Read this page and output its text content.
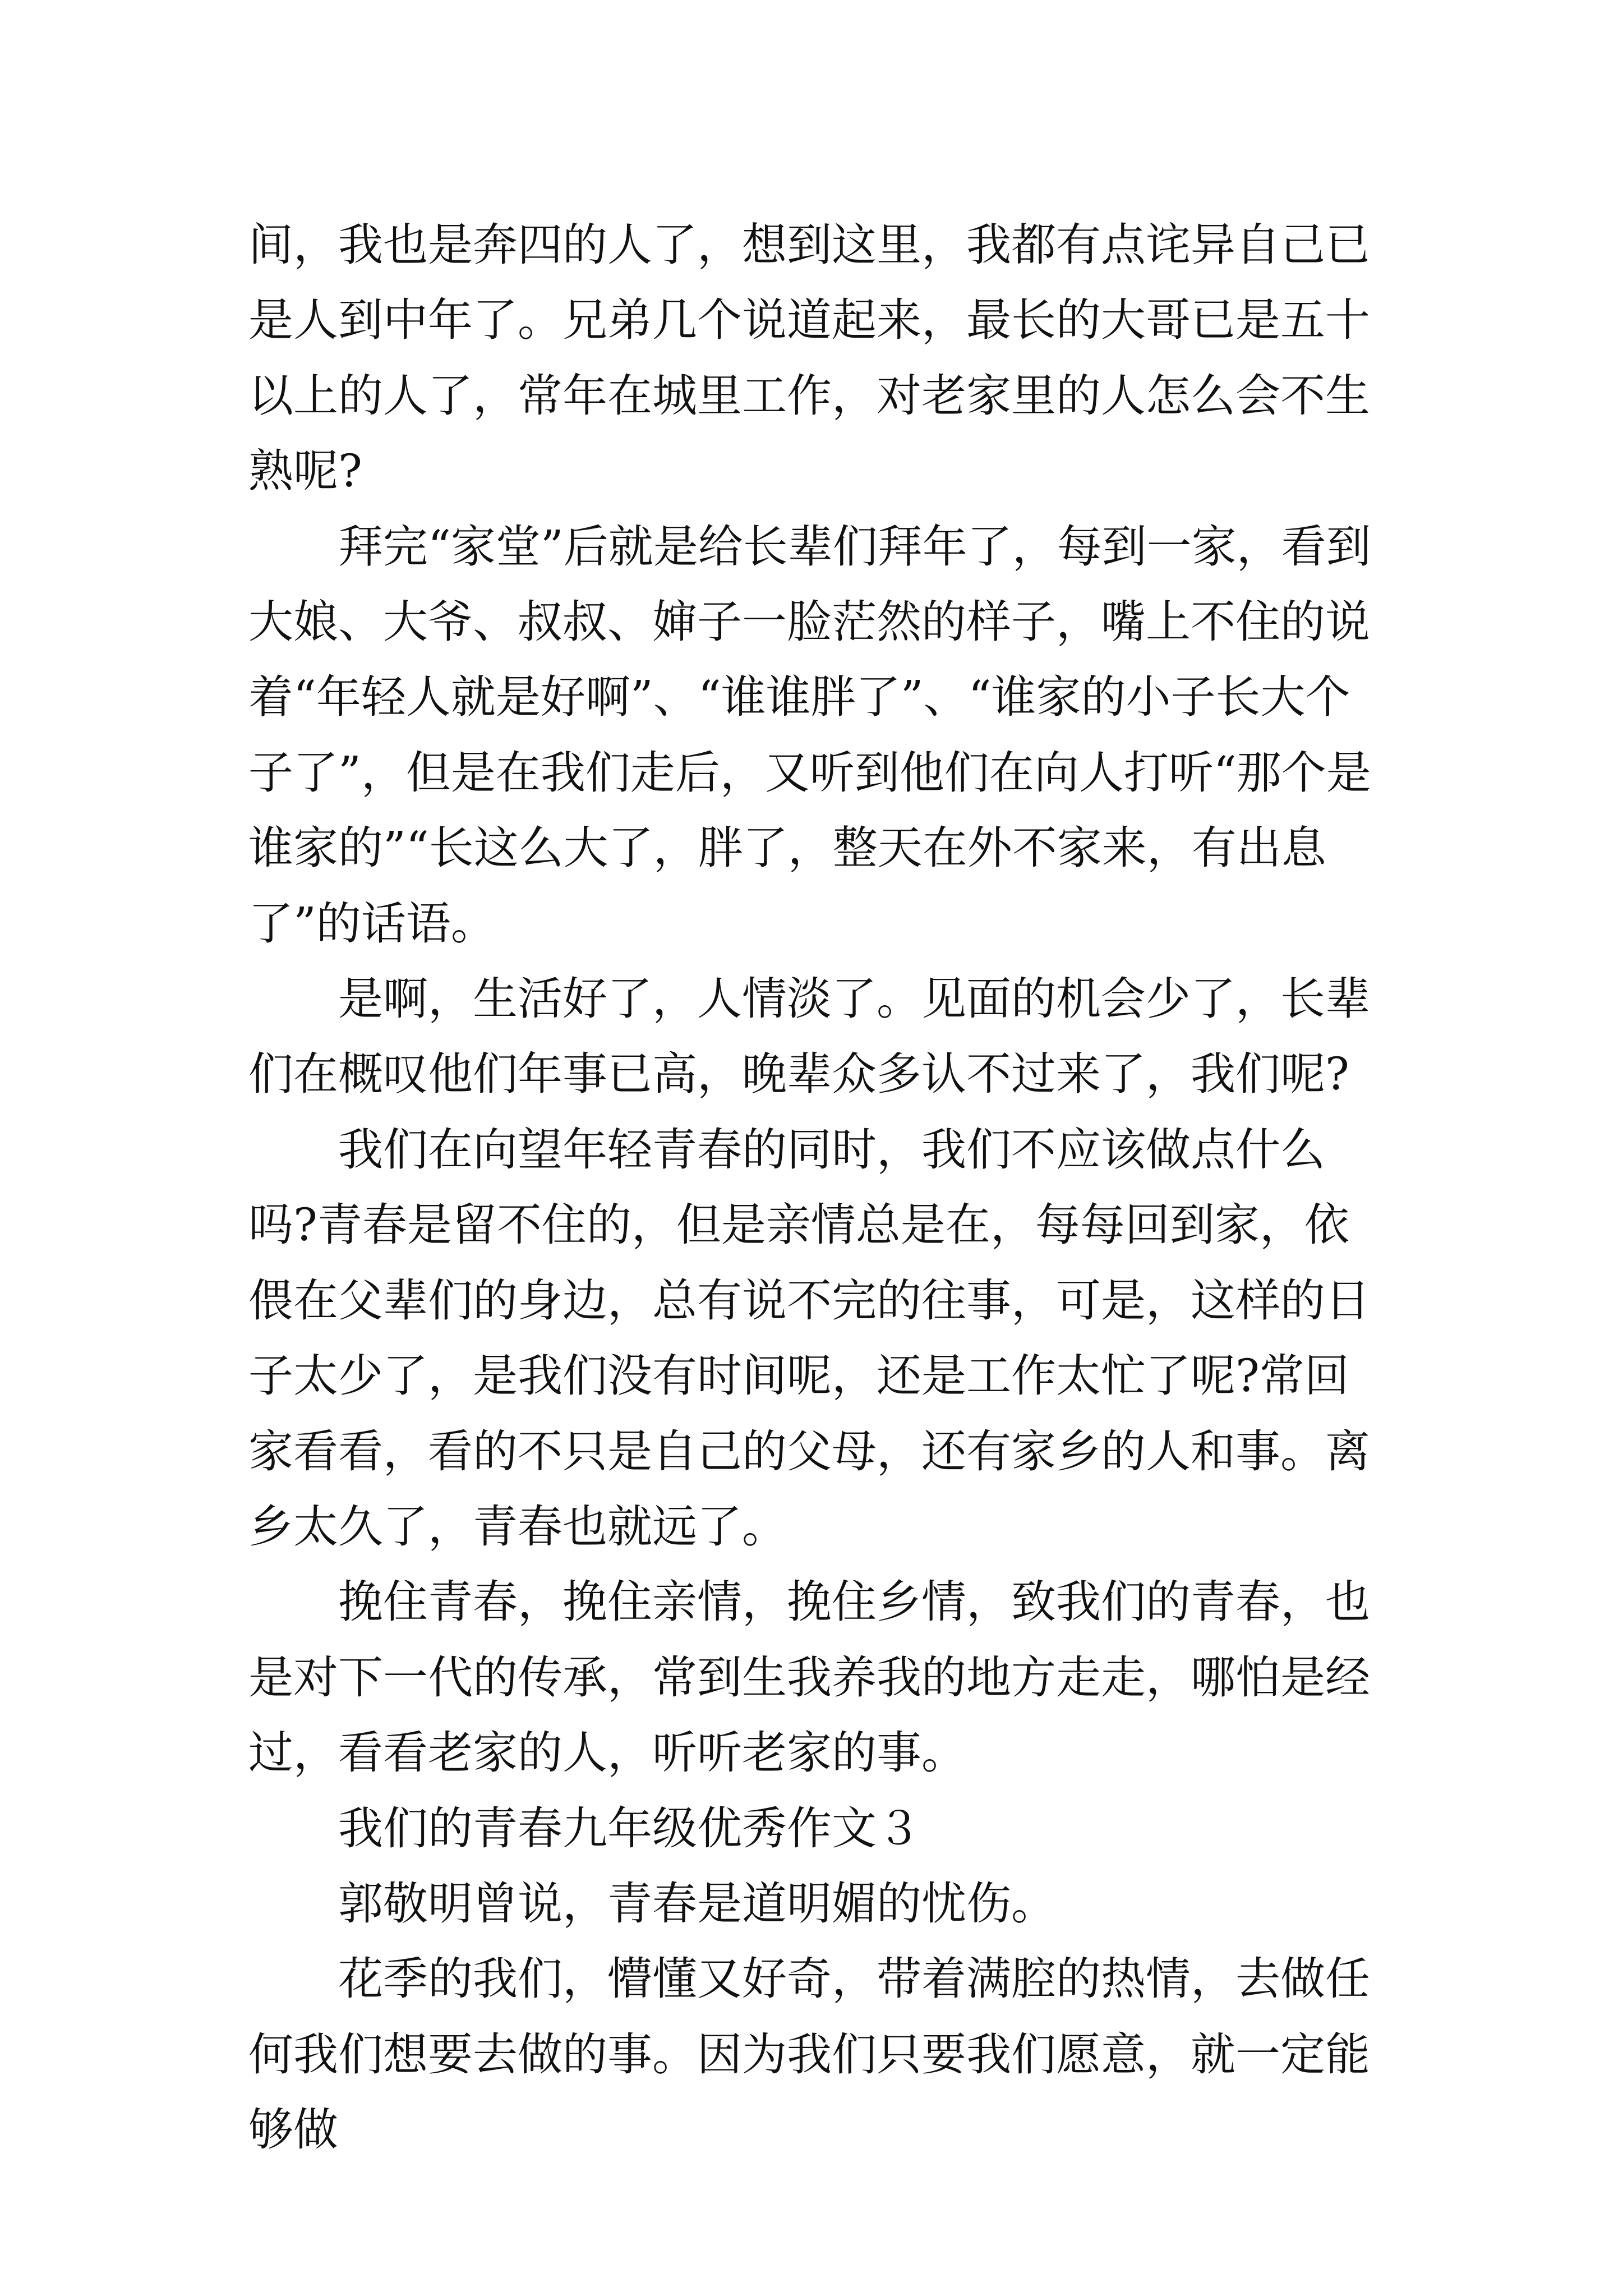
间，我也是奔四的人了，想到这里，我都有点诧异自己已是人到中年了。兄弟几个说道起来，最长的大哥已是五十以上的人了，常年在城里工作，对老家里的人怎么会不生熟呢?

　　拜完“家堂”后就是给长辈们拜年了，每到一家，看到大娘、大爷、叔叔、婶子一脸茫然的样子，嘴上不住的说着“年轻人就是好啊”、“谁谁胖了”、“谁家的小子长大个子了”，但是在我们走后，又听到他们在向人打听“那个是谁家的”“长这么大了，胖了，整天在外不家来，有出息了”的话语。

　　是啊，生活好了，人情淡了。见面的机会少了，长辈们在概叹他们年事已高，晚辈众多认不过来了，我们呢?

　　我们在向望年轻青春的同时，我们不应该做点什么吗?青春是留不住的，但是亲情总是在，每每回到家，依偎在父辈们的身边，总有说不完的往事，可是，这样的日子太少了，是我们没有时间呢，还是工作太忙了呢?常回家看看，看的不只是自己的父母，还有家乡的人和事。离乡太久了，青春也就远了。

　　挽住青春，挽住亲情，挽住乡情，致我们的青春，也是对下一代的传承，常到生我养我的地方走走，哪怕是经过，看看老家的人，听听老家的事。

　　我们的青春九年级优秀作文３

　　郭敬明曾说，青春是道明媚的忧伤。

　　花季的我们，懵懂又好奇，带着满腔的热情，去做任何我们想要去做的事。因为我们只要我们愿意，就一定能够做
